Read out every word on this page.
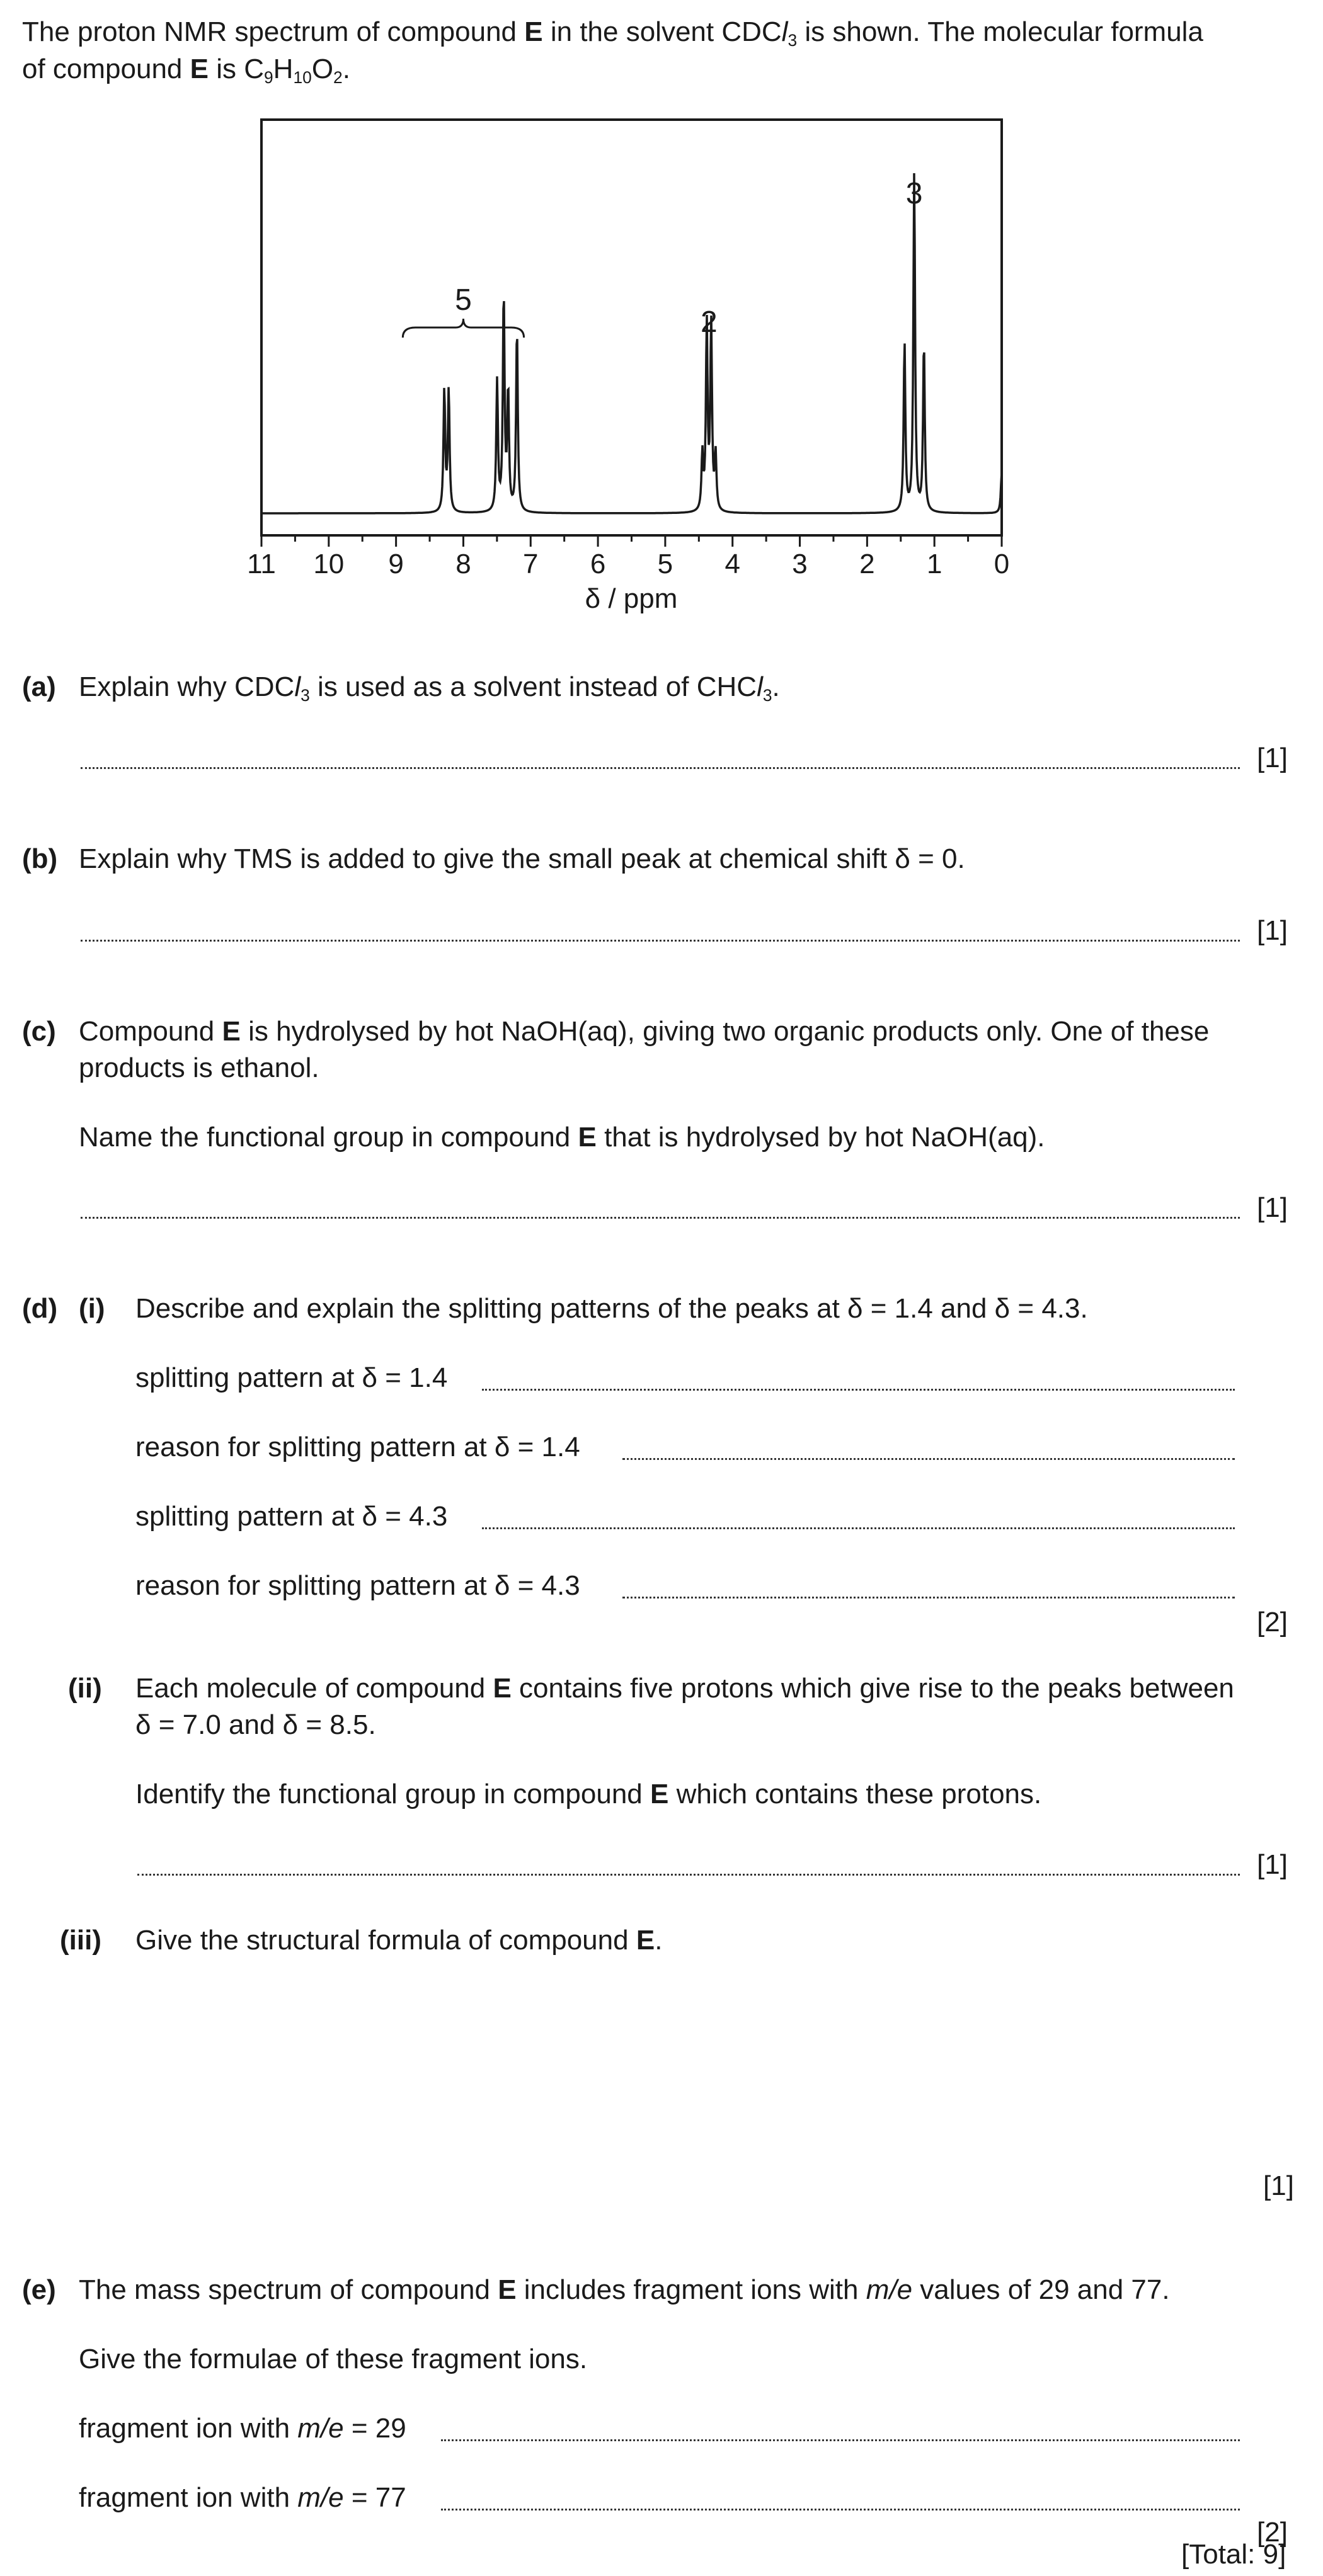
The proton NMR spectrum of compound E in the solvent CDCl$_3$ is shown. The molecular formula
of compound E is $C_9H_{10}O_2$.
11 10 9 8 7 6 5 4 3 2 1 0
5
2
3
δ / ppm
(a) Explain why CDCl$_3$ is used as a solvent instead of CHCl$_3$.
[1]
(b) Explain why TMS is added to give the small peak at chemical shift δ = 0.
[1]
(c) Compound E is hydrolysed by hot NaOH(aq), giving two organic products only. One of these
products is ethanol.
Name the functional group in compound E that is hydrolysed by hot NaOH(aq).
[1]
(d) (i) Describe and explain the splitting patterns of the peaks at δ = 1.4 and δ = 4.3.
splitting pattern at δ = 1.4
reason for splitting pattern at δ = 1.4
splitting pattern at δ = 4.3
reason for splitting pattern at δ = 4.3
[2]
(ii) Each molecule of compound E contains five protons which give rise to the peaks between
δ = 7.0 and δ = 8.5.
Identify the functional group in compound E which contains these protons.
[1]
(iii) Give the structural formula of compound E.
[1]
(e) The mass spectrum of compound E includes fragment ions with m/e values of 29 and 77.
Give the formulae of these fragment ions.
fragment ion with m/e = 29
fragment ion with m/e = 77
[2]
[Total: 9]
